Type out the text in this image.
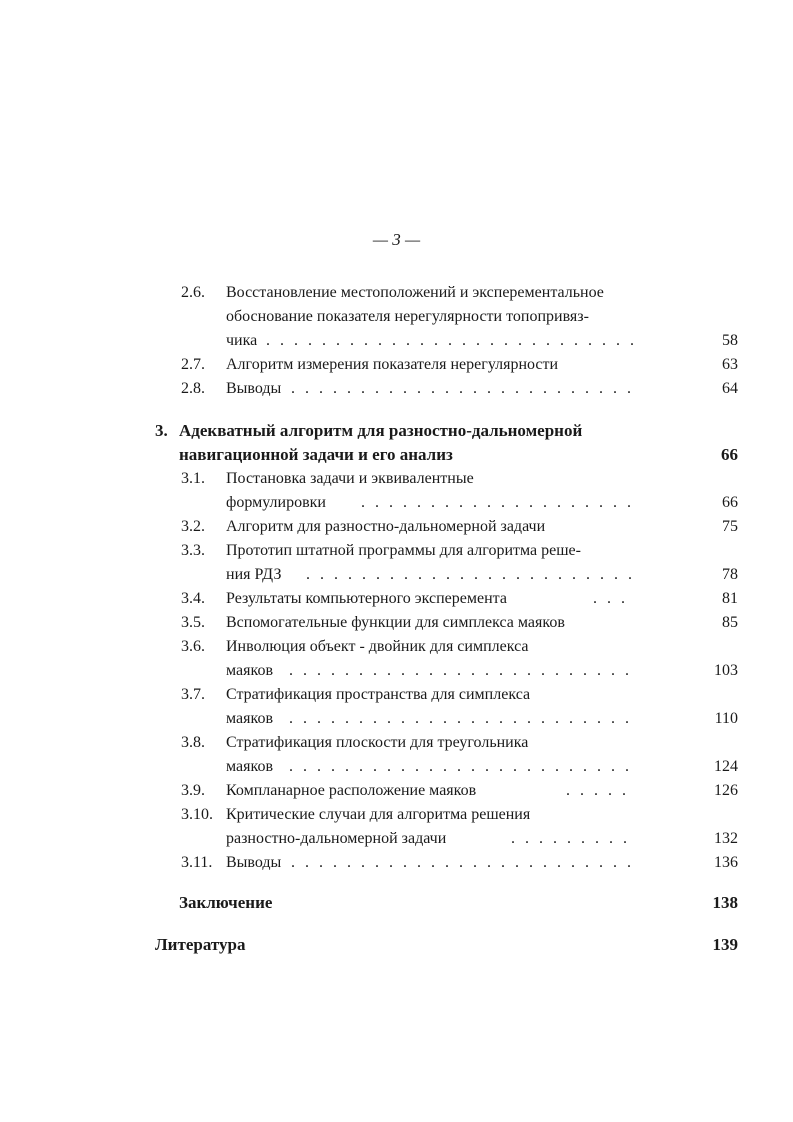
— 3 —
2.6. Восстановление местоположений и эксперементальное
обоснование показателя нерегулярности топопривяз-
чика . . .	58
2.7. Алгоритм измерения показателя нерегулярности	63
2.8. Выводы . . .	64
3. Адекватный алгоритм для разностно-дальномерной
навигационной задачи и его анализ	66
3.1. Постановка задачи и эквивалентные
формулировки . . .	66
3.2. Алгоритм для разностно-дальномерной задачи	75
3.3. Прототип штатной программы для алгоритма реше-
ния РДЗ . . .	78
3.4. Результаты компьютерного эксперемента . . .	81
3.5. Вспомогательные функции для симплекса маяков	85
3.6. Инволюция объект - двойник для симплекса
маяков . . .	103
3.7. Стратификация пространства для симплекса
маяков . . .	110
3.8. Стратификация плоскости для треугольника
маяков . . .	124
3.9. Компланарное расположение маяков . . .	126
3.10. Критические случаи для алгоритма решения
разностно-дальномерной задачи . . .	132
3.11. Выводы . . .	136
Заключение	138
Литература	139
